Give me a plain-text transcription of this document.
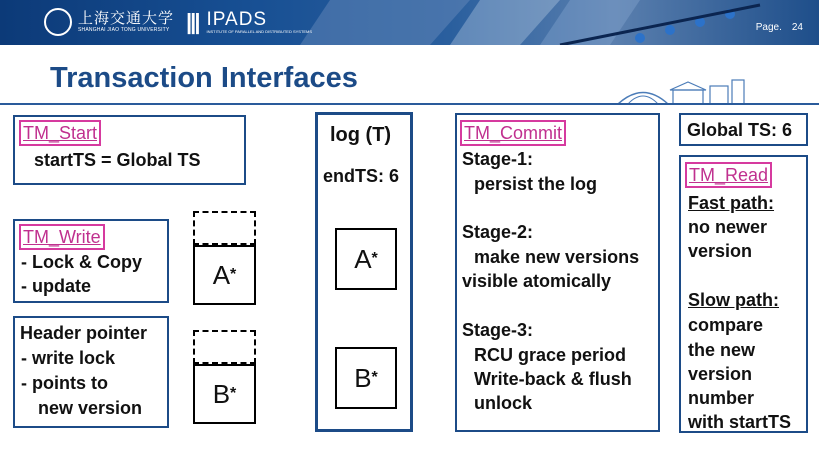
上海交通大学
SHANGHAI JIAO TONG UNIVERSITY ||| IPADS
INSTITUTE OF PARALLEL AND DISTRIBUTED SYSTEMS	Page. 24
Transaction Interfaces
TM_Start
startTS = Global TS
TM_Write
- Lock & Copy
- update
Header pointer
- write lock
- points to
new version
A *
B *
log (T)
endTS: 6
A *
B *
TM_Commit
Stage-1:
persist the log
Stage-2:
make new versions
visible atomically
Stage-3:
RCU grace period
Write-back & flush
unlock
Global TS: 6
TM_Read
Fast path:
no newer
version
Slow path:
compare
the new
version
number
with startTS
